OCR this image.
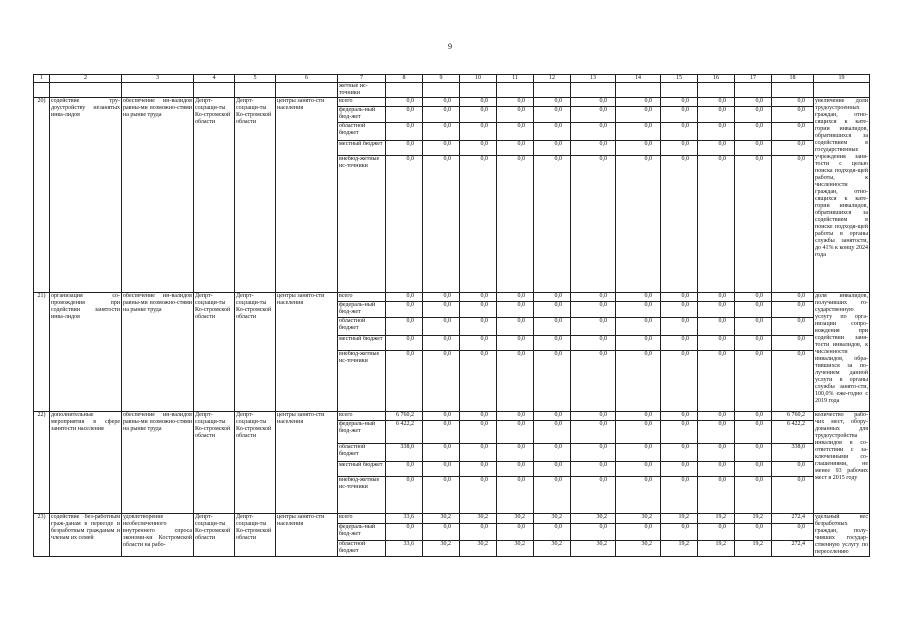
9
1	2	3	4	5	6	7	8	9	10	11	12	13	14	15	16	17	18	19
						жетные ис-точники												
20)	содействие тру-доустройству незанятых инва-лидов	обеспечение ин-валидов равны-ми возможно-стями на рынке труда	Депрт-соцзащи-ты Ко-стромской области	Депрт-соцзащи-ты Ко-стромской области	центры занято-сти населения	всего	0,0	0,0	0,0	0,0	0,0	0,0	0,0	0,0	0,0	0,0	0,0	увеличение доли трудоустроенных граждан, отно-сящихся к кате-гории инвалидов, обратившихся за содействием в государственные учреждения заня-тости с целью поиска подходя-щей работы, к численности граждан, отно-сящихся к кате-гории инвалидов, обратившихся за содействием в поиске подходя-щей работы в органы службы занятости, до 41% к концу 2024 года
						федераль-ный бюд-жет	0,0	0,0	0,0	0,0	0,0	0,0	0,0	0,0	0,0	0,0	0,0	
						областной бюджет	0,0	0,0	0,0	0,0	0,0	0,0	0,0	0,0	0,0	0,0	0,0	
						местный бюджет	0,0	0,0	0,0	0,0	0,0	0,0	0,0	0,0	0,0	0,0	0,0	
						внебюд-жетные ис-точники	0,0	0,0	0,0	0,0	0,0	0,0	0,0	0,0	0,0	0,0	0,0	
21)	организация со-провождения при содействии занятости инва-лидов	обеспечение ин-валидов равны-ми возможно-стями на рынке труда	Депрт-соцзащи-ты Ко-стромской области	Депрт-соцзащи-ты Ко-стромской области	центры занято-сти населения	всего	0,0	0,0	0,0	0,0	0,0	0,0	0,0	0,0	0,0	0,0	0,0	доля инвалидов, получивших го-сударственную услугу по орга-низации сопро-вождения при содействии заня-тости инвалидов, к численности инвалидов, обра-тившихся за по-лучением данной услуги в органы службы занято-сти, 100,0% еже-годно с 2019 года
						федераль-ный бюд-жет	0,0	0,0	0,0	0,0	0,0	0,0	0,0	0,0	0,0	0,0	0,0	
						областной бюджет	0,0	0,0	0,0	0,0	0,0	0,0	0,0	0,0	0,0	0,0	0,0	
						местный бюджет	0,0	0,0	0,0	0,0	0,0	0,0	0,0	0,0	0,0	0,0	0,0	
						внебюд-жетные ис-точники	0,0	0,0	0,0	0,0	0,0	0,0	0,0	0,0	0,0	0,0	0,0	
22)	дополнительные мероприятия в сфере занятости населения	обеспечение ин-валидов равны-ми возможно-стями на рынке труда	Депрт-соцзащи-ты Ко-стромской области	Депрт-соцзащи-ты Ко-стромской области	центры занято-сти населения	всего	6 760,2	0,0	0,0	0,0	0,0	0,0	0,0	0,0	0,0	0,0	6 760,2	количество рабо-чих мест, обору-дованных для трудоустройства инвалидов в со-ответствии с за-ключенными со-глашениями, не менее 93 рабочих мест в 2015 году
						федераль-ный бюд-жет	6 422,2	0,0	0,0	0,0	0,0	0,0	0,0	0,0	0,0	0,0	6 422,2	
						областной бюджет	338,0	0,0	0,0	0,0	0,0	0,0	0,0	0,0	0,0	0,0	338,0	
						местный бюджет	0,0	0,0	0,0	0,0	0,0	0,0	0,0	0,0	0,0	0,0	0,0	
						внебюд-жетные ис-точники	0,0	0,0	0,0	0,0	0,0	0,0	0,0	0,0	0,0	0,0	0,0	
23)	содействие без-работным граж-данам в переезде и безработным гражданам и членам их семей	удовлетворение необеспеченного внутреннего спроса экономи-ки Костромской области на рабо-	Депрт-соцзащи-ты Ко-стромской области	Депрт-соцзащи-ты Ко-стромской области	центры занято-сти населения	всего	33,6	30,2	30,2	30,2	30,2	30,2	30,2	19,2	19,2	19,2	272,4	удельный вес безработных граждан, полу-чивших государ-ственную услугу по переселению
						федераль-ный бюд-жет	0,0	0,0	0,0	0,0	0,0	0,0	0,0	0,0	0,0	0,0	0,0	
						областной бюджет	33,6	30,2	30,2	30,2	30,2	30,2	30,2	19,2	19,2	19,2	272,4	
